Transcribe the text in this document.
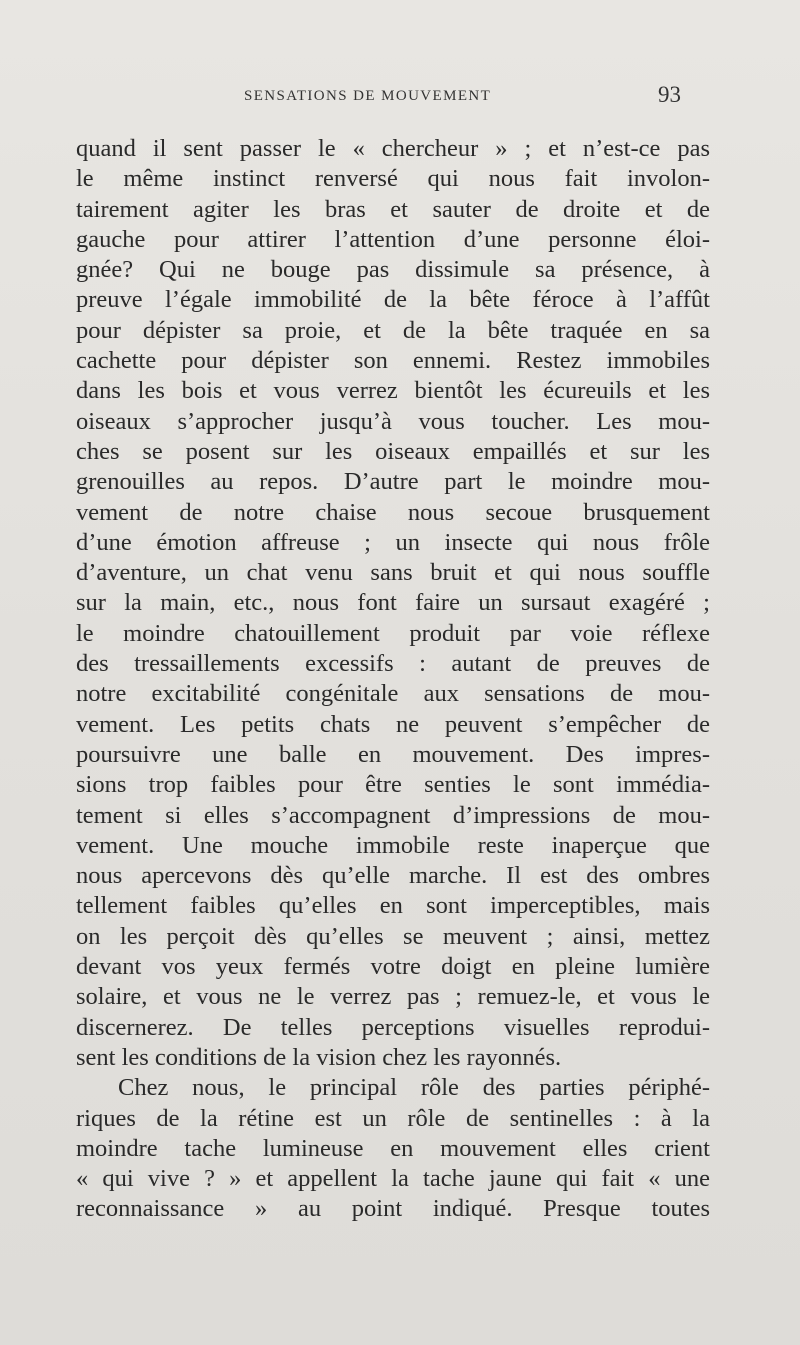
SENSATIONS DE MOUVEMENT	93
quand il sent passer le « chercheur » ; et n’est-ce pas
le même instinct renversé qui nous fait involon-
tairement agiter les bras et sauter de droite et de
gauche pour attirer l’attention d’une personne éloi-
gnée? Qui ne bouge pas dissimule sa présence, à
preuve l’égale immobilité de la bête féroce à l’affût
pour dépister sa proie, et de la bête traquée en sa
cachette pour dépister son ennemi. Restez immobiles
dans les bois et vous verrez bientôt les écureuils et les
oiseaux s’approcher jusqu’à vous toucher. Les mou-
ches se posent sur les oiseaux empaillés et sur les
grenouilles au repos. D’autre part le moindre mou-
vement de notre chaise nous secoue brusquement
d’une émotion affreuse ; un insecte qui nous frôle
d’aventure, un chat venu sans bruit et qui nous souffle
sur la main, etc., nous font faire un sursaut exagéré ;
le moindre chatouillement produit par voie réflexe
des tressaillements excessifs : autant de preuves de
notre excitabilité congénitale aux sensations de mou-
vement. Les petits chats ne peuvent s’empêcher de
poursuivre une balle en mouvement. Des impres-
sions trop faibles pour être senties le sont immédia-
tement si elles s’accompagnent d’impressions de mou-
vement. Une mouche immobile reste inaperçue que
nous apercevons dès qu’elle marche. Il est des ombres
tellement faibles qu’elles en sont imperceptibles, mais
on les perçoit dès qu’elles se meuvent ; ainsi, mettez
devant vos yeux fermés votre doigt en pleine lumière
solaire, et vous ne le verrez pas ; remuez-le, et vous le
discernerez. De telles perceptions visuelles reprodui-
sent les conditions de la vision chez les rayonnés.
Chez nous, le principal rôle des parties périphé-
riques de la rétine est un rôle de sentinelles : à la
moindre tache lumineuse en mouvement elles crient
« qui vive ? » et appellent la tache jaune qui fait « une
reconnaissance » au point indiqué. Presque toutes
